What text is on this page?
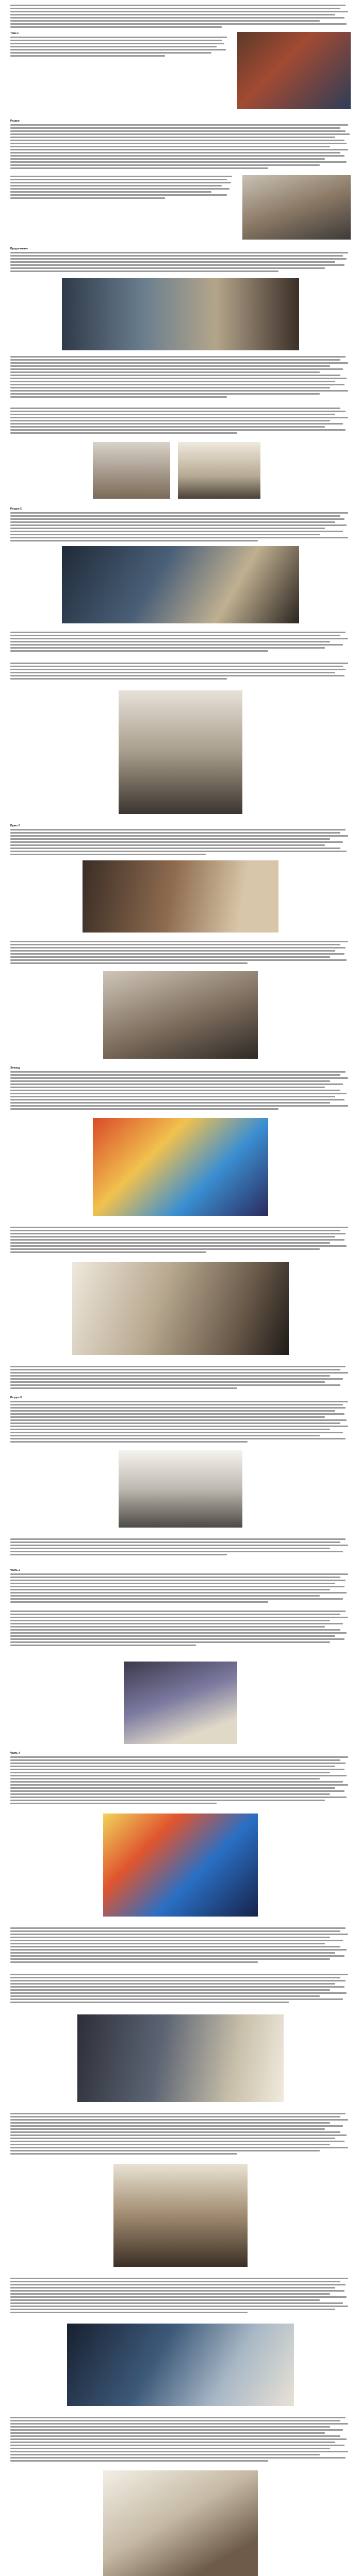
Тема 1
Раздел
Продолжение
Раздел 2
Пункт 2
Эпизод
Раздел 3
Часть 2
Часть 4
